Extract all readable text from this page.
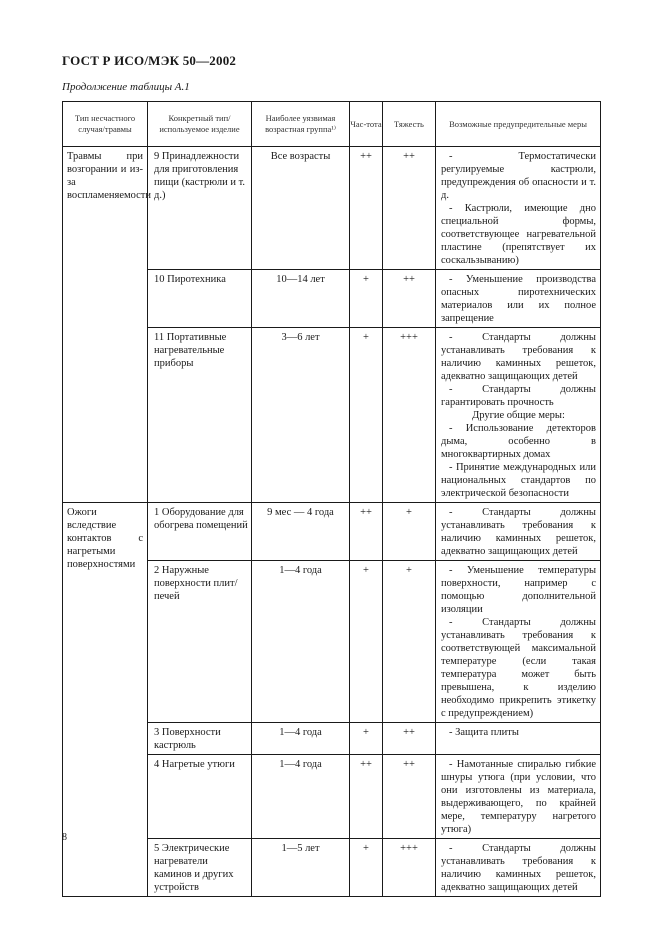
ГОСТ Р ИСО/МЭК 50—2002
Продолжение таблицы А.1
Тип несчастного случая/травмы	Конкретный тип/используемое изделие	Наиболее уязвимая возрастная группа¹⁾	Час-тота	Тяжесть	Возможные предупредительные меры
Травмы при возгорании и из-за воспламеняемости	9 Принадлежности для приготовления пищи (кастрюли и т. д.)	Все возрасты	++	++	- Термостатически регулируемые кастрюли, предупреждения об опасности и т. д.

- Кастрюли, имеющие дно специальной формы, соответствующее нагревательной пластине (препятствует их соскальзыванию)

	10 Пиротехника	10—14 лет	+	++	- Уменьшение производства опасных пиротехнических материалов или их полное запрещение

	11 Портативные нагревательные приборы	3—6 лет	+	+++	- Стандарты должны устанавливать требования к наличию каминных решеток, адекватно защищающих детей

- Стандарты должны гарантировать прочность

Другие общие меры:

- Использование детекторов дыма, особенно в многоквартирных домах

- Принятие международных или национальных стандартов по электрической безопасности

Ожоги вследствие контактов с нагретыми поверхностями	1 Оборудование для обогрева помещений	9 мес — 4 года	++	+	- Стандарты должны устанавливать требования к наличию каминных решеток, адекватно защищающих детей

	2 Наружные поверхности плит/печей	1—4 года	+	+	- Уменьшение температуры поверхности, например с помощью дополнительной изоляции

- Стандарты должны устанавливать требования к соответствующей максимальной температуре (если такая температура может быть превышена, к изделию необходимо прикрепить этикетку с предупреждением)

	3 Поверхности кастрюль	1—4 года	+	++	- Защита плиты

	4 Нагретые утюги	1—4 года	++	++	- Намотанные спиралью гибкие шнуры утюга (при условии, что они изготовлены из материала, выдерживающего, по крайней мере, температуру нагретого утюга)

	5 Электрические нагреватели каминов и других устройств	1—5 лет	+	+++	- Стандарты должны устанавливать требования к наличию каминных решеток, адекватно защищающих детей

8
